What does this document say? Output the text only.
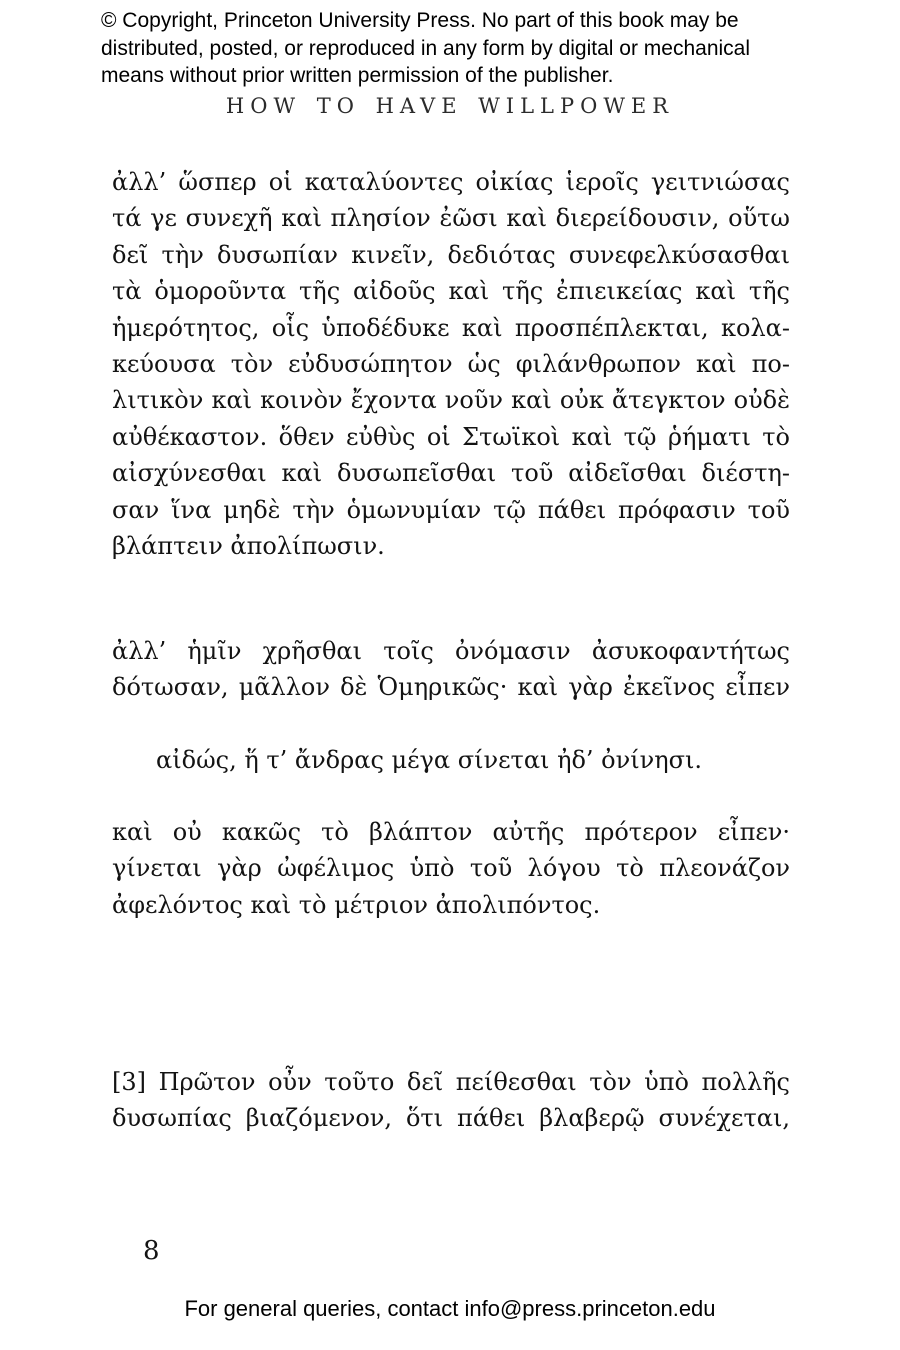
© Copyright, Princeton University Press. No part of this book may be
distributed, posted, or reproduced in any form by digital or mechanical
means without prior written permission of the publisher.
HOW TO HAVE WILLPOWER
ἀλλ’ ὥσπερ οἱ καταλύοντες οἰκίας ἱεροῖς γειτνιώσας
τά γε συνεχῆ καὶ πλησίον ἐῶσι καὶ διερείδουσιν, οὕτω
δεῖ τὴν δυσωπίαν κινεῖν, δεδιότας συνεφελκύσασθαι
τὰ ὁμοροῦντα τῆς αἰδοῦς καὶ τῆς ἐπιεικείας καὶ τῆς
ἡμερότητος, οἷς ὑποδέδυκε καὶ προσπέπλεκται, κολα-
κεύουσα τὸν εὐδυσώπητον ὡς φιλάνθρωπον καὶ πο-
λιτικὸν καὶ κοινὸν ἔχοντα νοῦν καὶ οὐκ ἄτεγκτον οὐδὲ
αὐθέκαστον. ὅθεν εὐθὺς οἱ Στωϊκοὶ καὶ τῷ ῥήματι τὸ
αἰσχύνεσθαι καὶ δυσωπεῖσθαι τοῦ αἰδεῖσθαι διέστη-
σαν ἵνα μηδὲ τὴν ὁμωνυμίαν τῷ πάθει πρόφασιν τοῦ
βλάπτειν ἀπολίπωσιν.
ἀλλ’ ἡμῖν χρῆσθαι τοῖς ὀνόμασιν ἀσυκοφαντήτως
δότωσαν, μᾶλλον δὲ Ὁμηρικῶς· καὶ γὰρ ἐκεῖνος εἶπεν
αἰδώς, ἥ τ’ ἄνδρας μέγα σίνεται ἠδ’ ὀνίνησι.
καὶ οὐ κακῶς τὸ βλάπτον αὐτῆς πρότερον εἶπεν·
γίνεται γὰρ ὠφέλιμος ὑπὸ τοῦ λόγου τὸ πλεονάζον
ἀφελόντος καὶ τὸ μέτριον ἀπολιπόντος.
[3] Πρῶτον οὖν τοῦτο δεῖ πείθεσθαι τὸν ὑπὸ πολλῆς
δυσωπίας βιαζόμενον, ὅτι πάθει βλαβερῷ συνέχεται,
8
For general queries, contact info@press.princeton.edu
